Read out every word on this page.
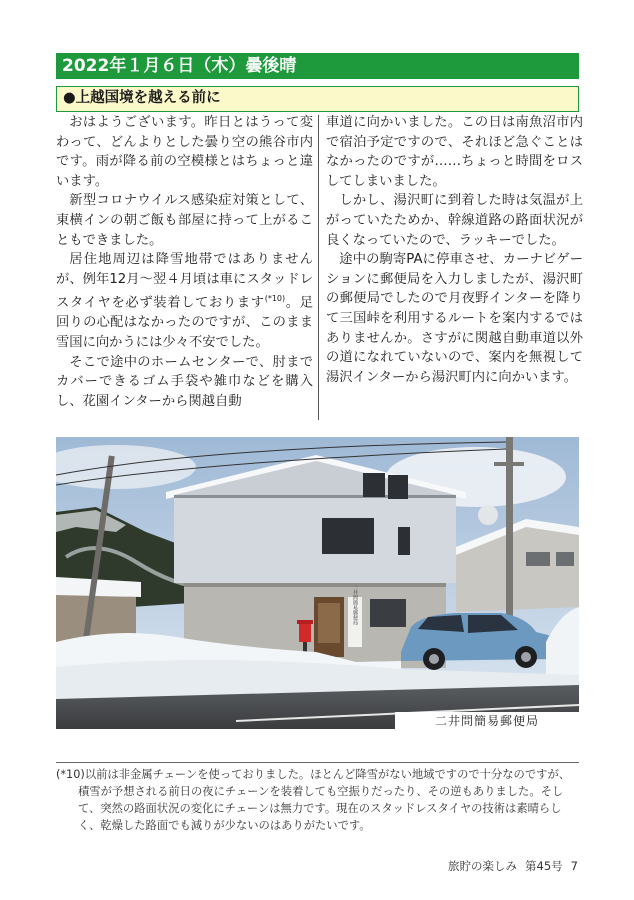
2022年１月６日（木）曇後晴
●上越国境を越える前に

おはようございます。昨日とはうって変わって、どんよりとした曇り空の熊谷市内です。雨が降る前の空模様とはちょっと違います。

新型コロナウイルス感染症対策として、東横インの朝ご飯も部屋に持って上がることもできました。

居住地周辺は降雪地帯ではありませんが、例年12月～翌４月頃は車にスタッドレスタイヤを必ず装着しております$^{(*10)}$。足回りの心配はなかったのですが、このまま雪国に向かうには少々不安でした。

そこで途中のホームセンターで、肘までカバーできるゴム手袋や雑巾などを購入し、花園インターから関越自動

車道に向かいました。この日は南魚沼市内で宿泊予定ですので、それほど急ぐことはなかったのですが……ちょっと時間をロスしてしまいました。

しかし、湯沢町に到着した時は気温が上がっていたためか、幹線道路の路面状況が良くなっていたので、ラッキーでした。

途中の駒寄PAに停車させ、カーナビゲーションに郵便局を入力しましたが、湯沢町の郵便局でしたので月夜野インターを降りて三国峠を利用するルートを案内するではありませんか。さすがに関越自動車道以外の道になれていないので、案内を無視して湯沢インターから湯沢町内に向かいます。

二井問簡易郵便局
二井問簡易郵便局
(*10)以前は非金属チェーンを使っておりました。ほとんど降雪がない地域ですので十分なのですが、積雪が予想される前日の夜にチェーンを装着しても空振りだったり、その逆もありました。そして、突然の路面状況の変化にチェーンは無力です。現在のスタッドレスタイヤの技術は素晴らしく、乾燥した路面でも減りが少ないのはありがたいです。
旅貯の楽しみ 第45号 7
